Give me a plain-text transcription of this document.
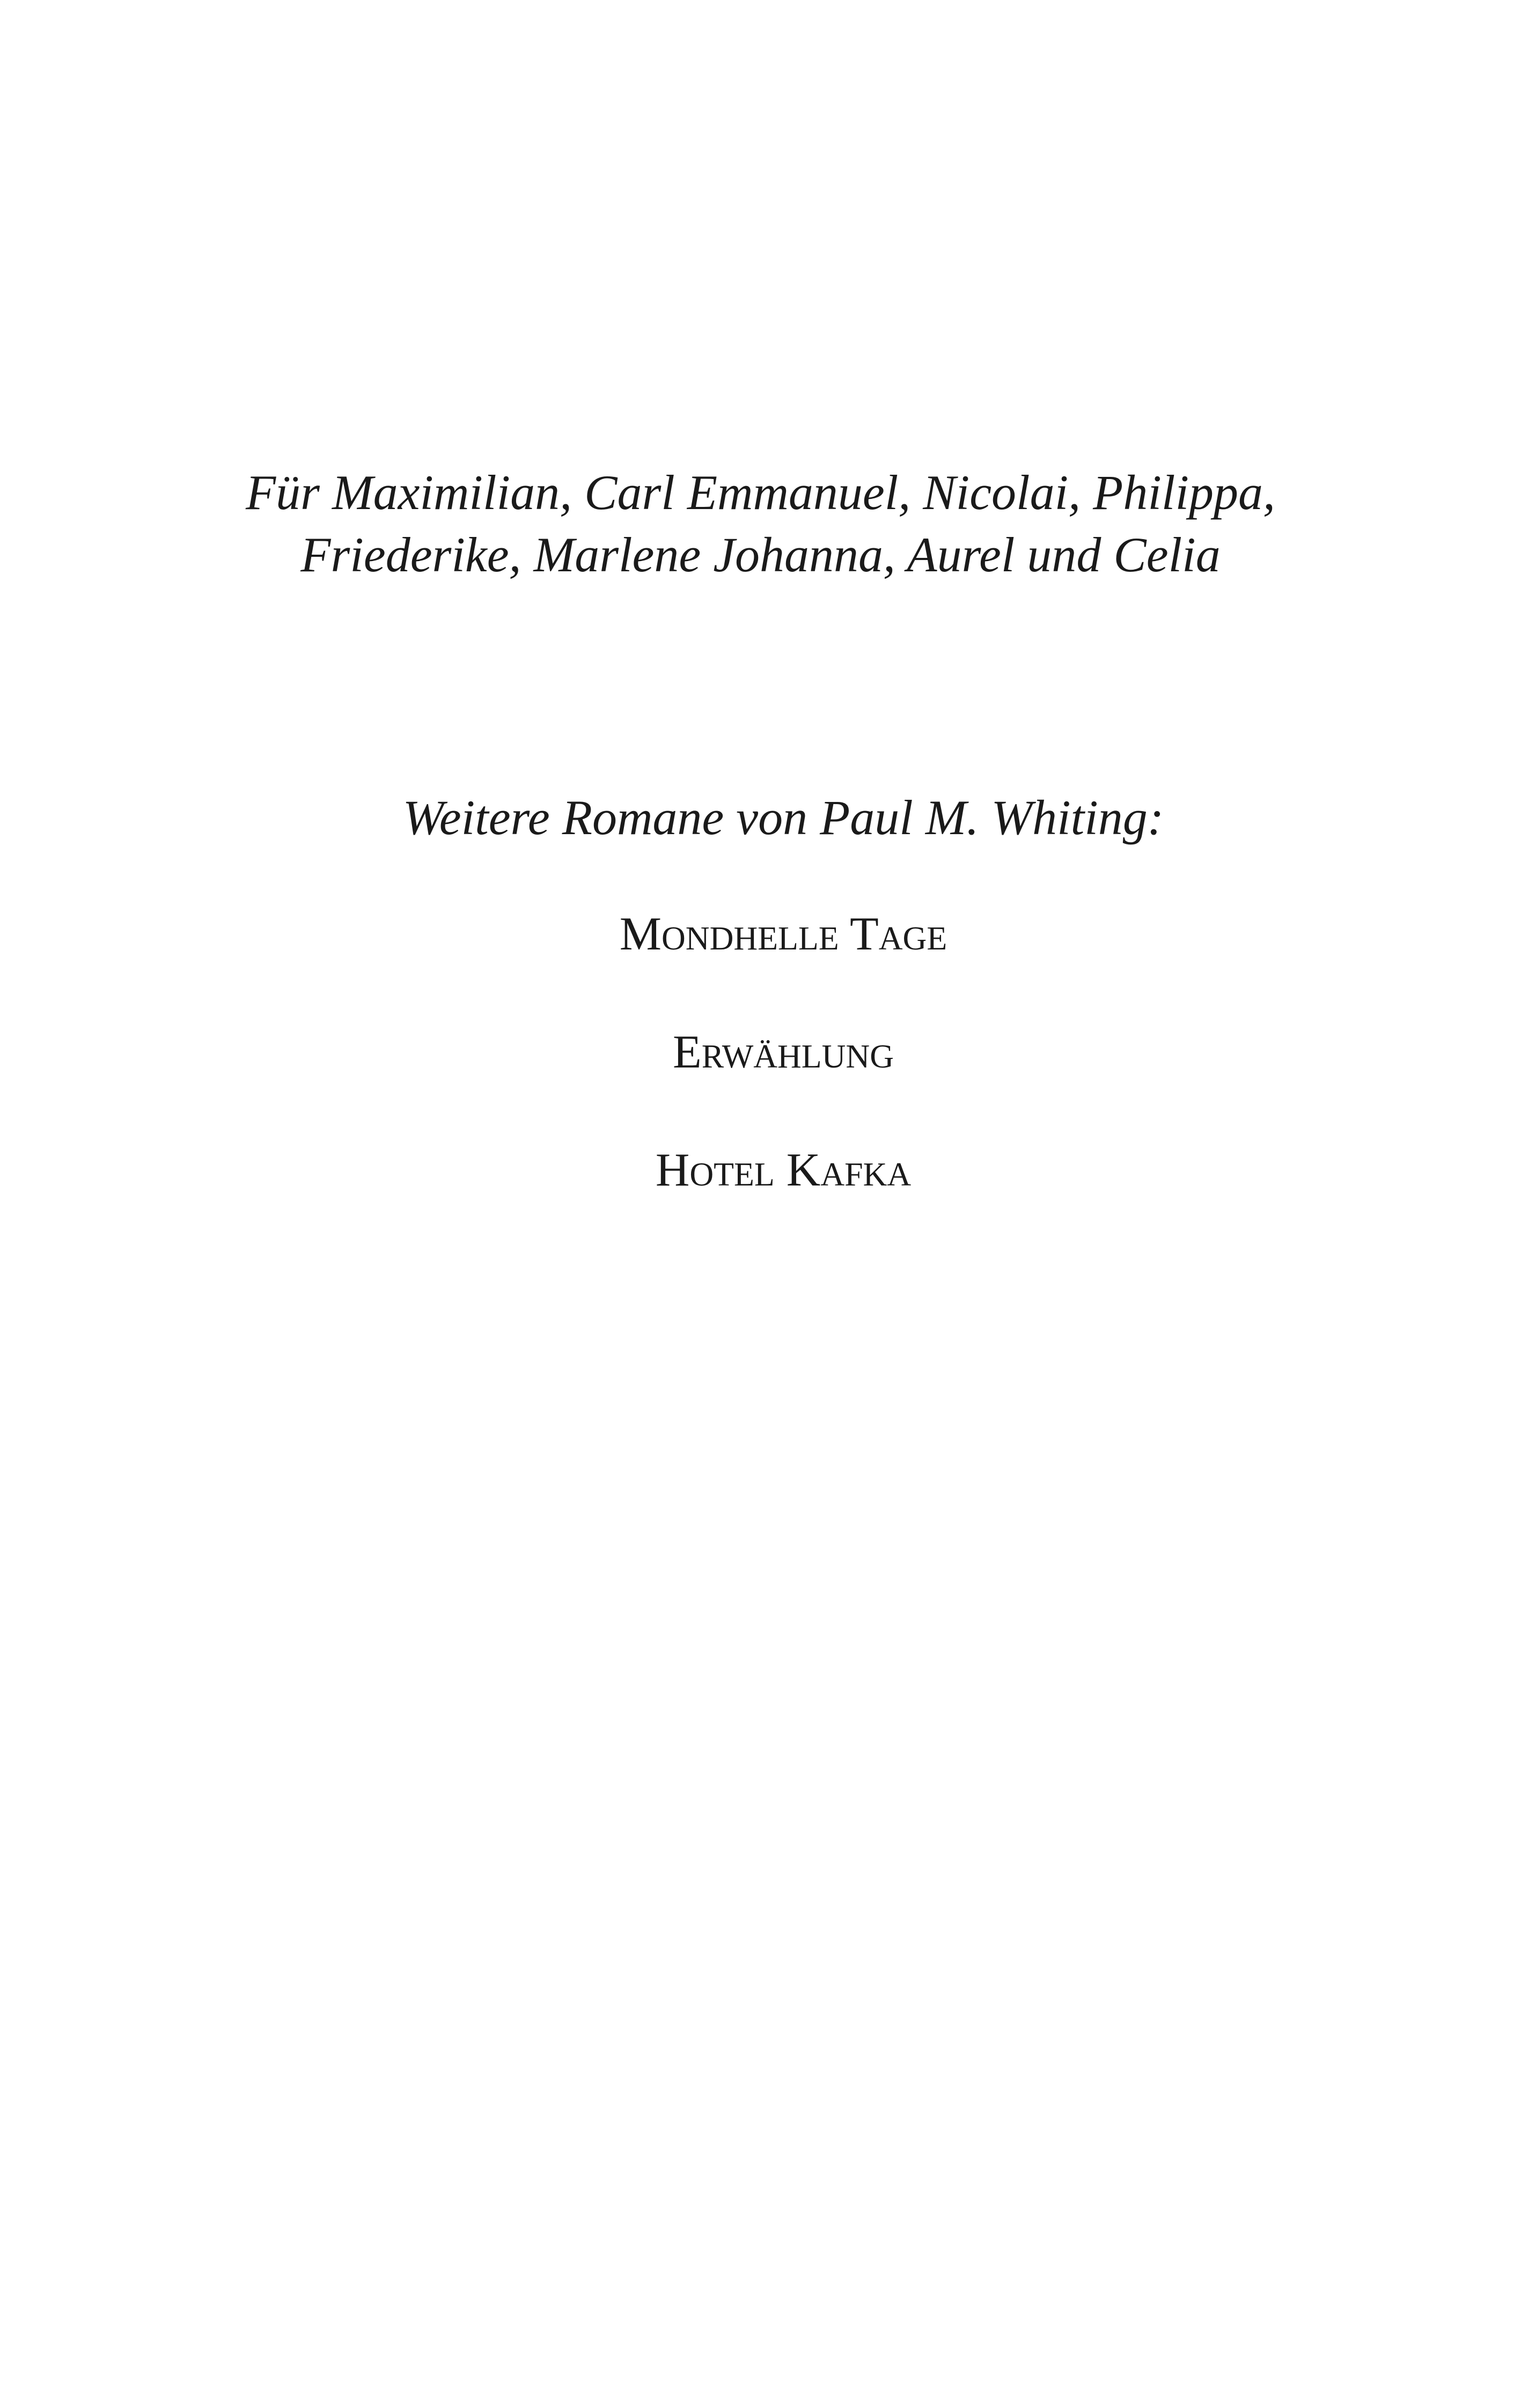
Für Maximilian, Carl Emmanuel, Nicolai, Philippa,
Friederike, Marlene Johanna, Aurel und Celia
Weitere Romane von Paul M. Whiting:
Mondhelle Tage
Erwählung
Hotel Kafka
